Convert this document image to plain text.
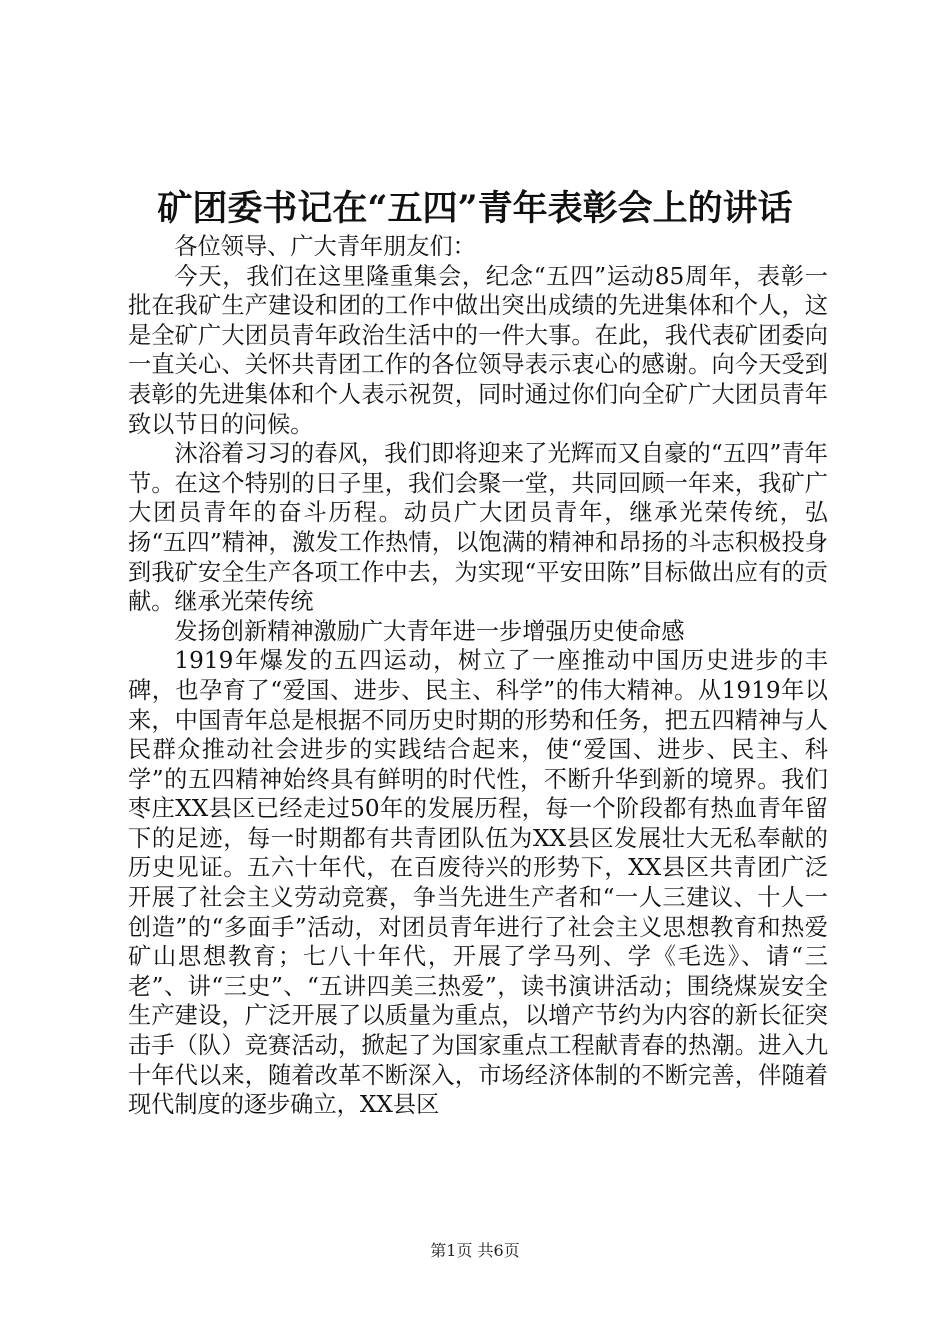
矿团委书记在“五四”青年表彰会上的讲话

各位领导、广大青年朋友们：

今天，我们在这里隆重集会，纪念“五四”运动85周年，表彰一批在我矿生产建设和团的工作中做出突出成绩的先进集体和个人，这是全矿广大团员青年政治生活中的一件大事。在此，我代表矿团委向一直关心、关怀共青团工作的各位领导表示衷心的感谢。向今天受到表彰的先进集体和个人表示祝贺，同时通过你们向全矿广大团员青年致以节日的问候。

沐浴着习习的春风，我们即将迎来了光辉而又自豪的“五四”青年节。在这个特别的日子里，我们会聚一堂，共同回顾一年来，我矿广大团员青年的奋斗历程。动员广大团员青年，继承光荣传统，弘扬“五四”精神，激发工作热情，以饱满的精神和昂扬的斗志积极投身到我矿安全生产各项工作中去，为实现“平安田陈”目标做出应有的贡献。继承光荣传统

发扬创新精神激励广大青年进一步增强历史使命感

1919年爆发的五四运动，树立了一座推动中国历史进步的丰碑，也孕育了“爱国、进步、民主、科学”的伟大精神。从1919年以来，中国青年总是根据不同历史时期的形势和任务，把五四精神与人民群众推动社会进步的实践结合起来，使“爱国、进步、民主、科学”的五四精神始终具有鲜明的时代性，不断升华到新的境界。我们枣庄XX县区已经走过50年的发展历程，每一个阶段都有热血青年留下的足迹，每一时期都有共青团队伍为XX县区发展壮大无私奉献的历史见证。五六十年代，在百废待兴的形势下，XX县区共青团广泛开展了社会主义劳动竞赛，争当先进生产者和“一人三建议、十人一创造”的“多面手”活动，对团员青年进行了社会主义思想教育和热爱矿山思想教育；七八十年代，开展了学马列、学《毛选》、请“三老”、讲“三史”、“五讲四美三热爱”，读书演讲活动；围绕煤炭安全生产建设，广泛开展了以质量为重点，以增产节约为内容的新长征突击手（队）竞赛活动，掀起了为国家重点工程献青春的热潮。进入九十年代以来，随着改革不断深入，市场经济体制的不断完善，伴随着现代制度的逐步确立，XX县区

第1页 共6页
